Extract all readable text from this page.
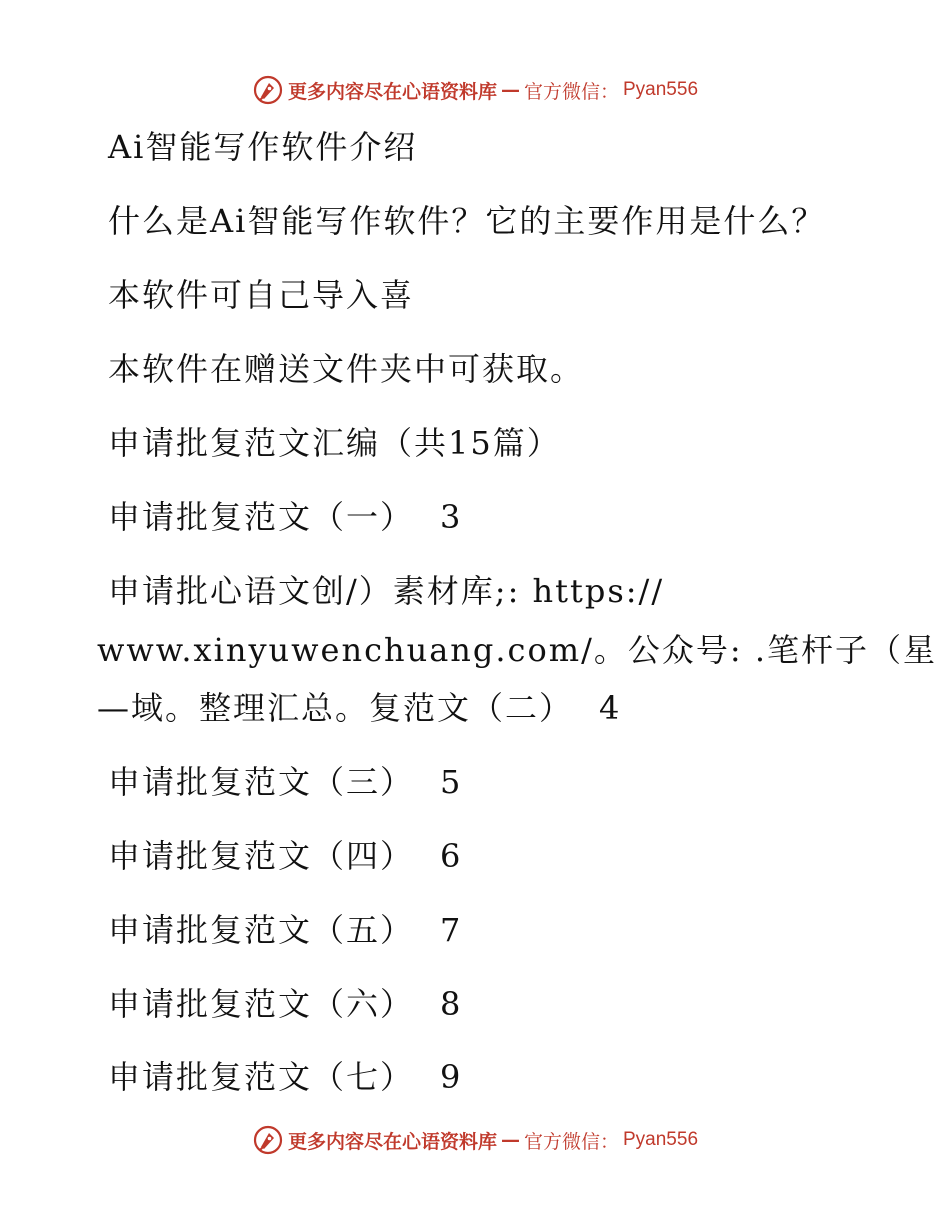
更多内容尽在心语资料库 — 官方微信： Pyan556
Ai智能写作软件介绍
什么是Ai智能写作软件？它的主要作用是什么？
本软件可自己导入喜
本软件在赠送文件夹中可获取。
申请批复范文汇编（共15篇）
申请批复范文（一） 3
申请批心语文创/）素材库;: https://
www.xinyuwenchuang.com/。公众号: .笔杆子（星
—域。整理汇总。复范文（二） 4
申请批复范文（三） 5
申请批复范文（四） 6
申请批复范文（五） 7
申请批复范文（六） 8
申请批复范文（七） 9
更多内容尽在心语资料库 — 官方微信： Pyan556
